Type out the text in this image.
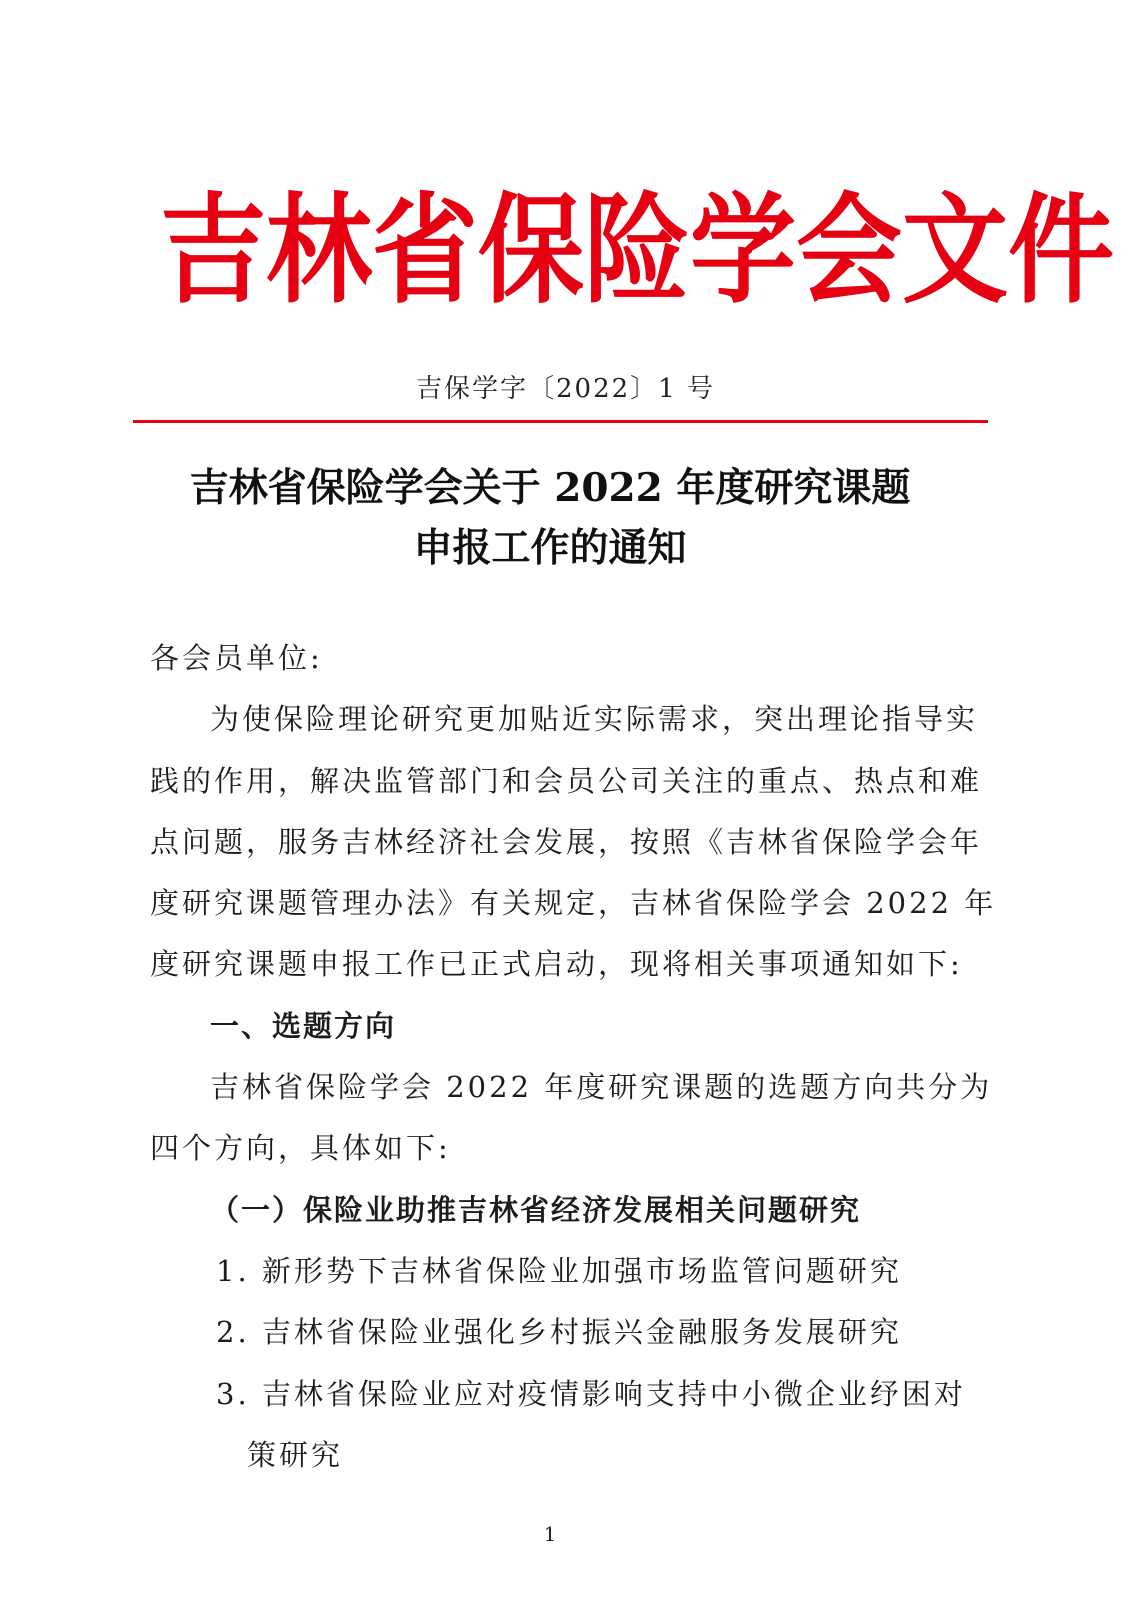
吉 林 省 保 险 学 会 文 件
吉保学字〔2022〕1 号
吉林省保险学会关于 2022 年度研究课题
申报工作的通知
各会员单位:
为使保险理论研究更加贴近实际需求，突出理论指导实
践的作用，解决监管部门和会员公司关注的重点、热点和难
点问题，服务吉林经济社会发展，按照《吉林省保险学会年
度研究课题管理办法》有关规定，吉林省保险学会 2022 年
度研究课题申报工作已正式启动，现将相关事项通知如下:
一、选题方向
吉林省保险学会 2022 年度研究课题的选题方向共分为
四个方向，具体如下:
（一）保险业助推吉林省经济发展相关问题研究
1. 新形势下吉林省保险业加强市场监管问题研究
2. 吉林省保险业强化乡村振兴金融服务发展研究
3. 吉林省保险业应对疫情影响支持中小微企业纾困对
策研究
1
